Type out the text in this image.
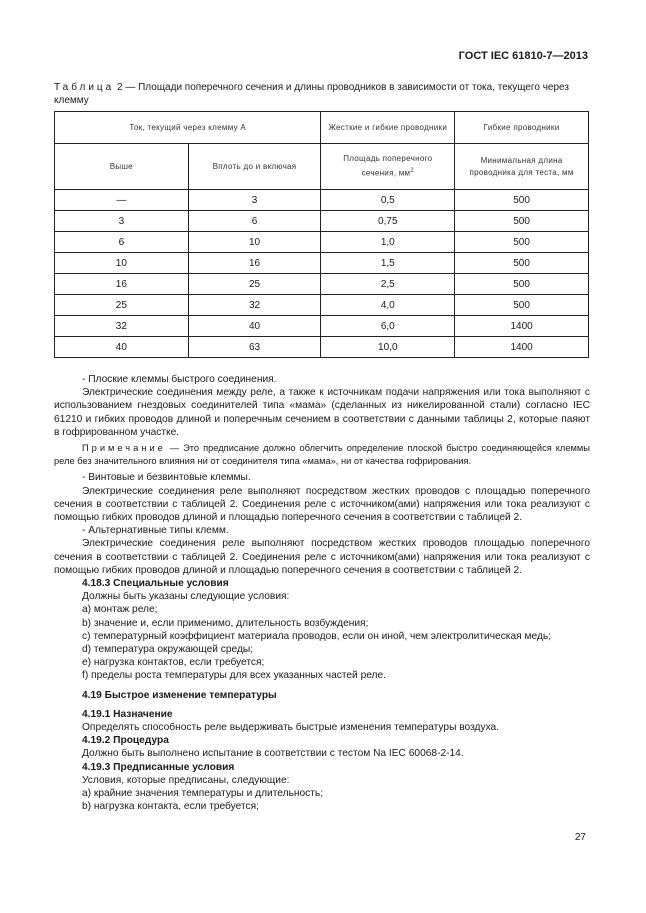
ГОСТ IEC 61810-7—2013
Таблица 2 — Площади поперечного сечения и длины проводников в зависимости от тока, текущего через клемму
Ток, текущий через клемму А		Жесткие и гибкие проводники	Гибкие проводники
Выше	Вплоть до и включая	Площадь поперечного сечения, $мм^2$	Минимальная длина проводника для теста, мм
—	3	0,5	500
3	6	0,75	500
6	10	1,0	500
10	16	1,5	500
16	25	2,5	500
25	32	4,0	500
32	40	6,0	1400
40	63	10,0	1400

- Плоские клеммы быстрого соединения.

Электрические соединения между реле, а также к источникам подачи напряжения или тока выполняют с использованием гнездовых соединителей типа «мама» (сделанных из никелированной стали) согласно IEC 61210 и гибких проводов длиной и поперечным сечением в соответствии с данными таблицы 2, которые паяют в гофрированном участке.

Примечание — Это предписание должно облегчить определение плоской быстро соединяющейся клеммы реле без значительного влияния ни от соединителя типа «мама», ни от качества гофрирования.

- Винтовые и безвинтовые клеммы.

Электрические соединения реле выполняют посредством жестких проводов с площадью поперечного сечения в соответствии с таблицей 2. Соединения реле с источником(ами) напряжения или тока реализуют с помощью гибких проводов длиной и площадью поперечного сечения в соответствии с таблицей 2.

- Альтернативные типы клемм.

Электрические соединения реле выполняют посредством жестких проводов площадью поперечного сечения в соответствии с таблицей 2. Соединения реле с источником(ами) напряжения или тока реализуют с помощью гибких проводов длиной и площадью поперечного сечения в соответствии с таблицей 2.

4.18.3 Специальные условия

Должны быть указаны следующие условия:

a) монтаж реле;

b) значение и, если применимо, длительность возбуждения;

c) температурный коэффициент материала проводов, если он иной, чем электролитическая медь;

d) температура окружающей среды;

e) нагрузка контактов, если требуется;

f) пределы роста температуры для всех указанных частей реле.

4.19 Быстрое изменение температуры

4.19.1 Назначение

Определять способность реле выдерживать быстрые изменения температуры воздуха.

4.19.2 Процедура

Должно быть выполнено испытание в соответствии с тестом Na IEC 60068-2-14.

4.19.3 Предписанные условия

Условия, которые предписаны, следующие:

a) крайние значения температуры и длительность;

b) нагрузка контакта, если требуется;

27
